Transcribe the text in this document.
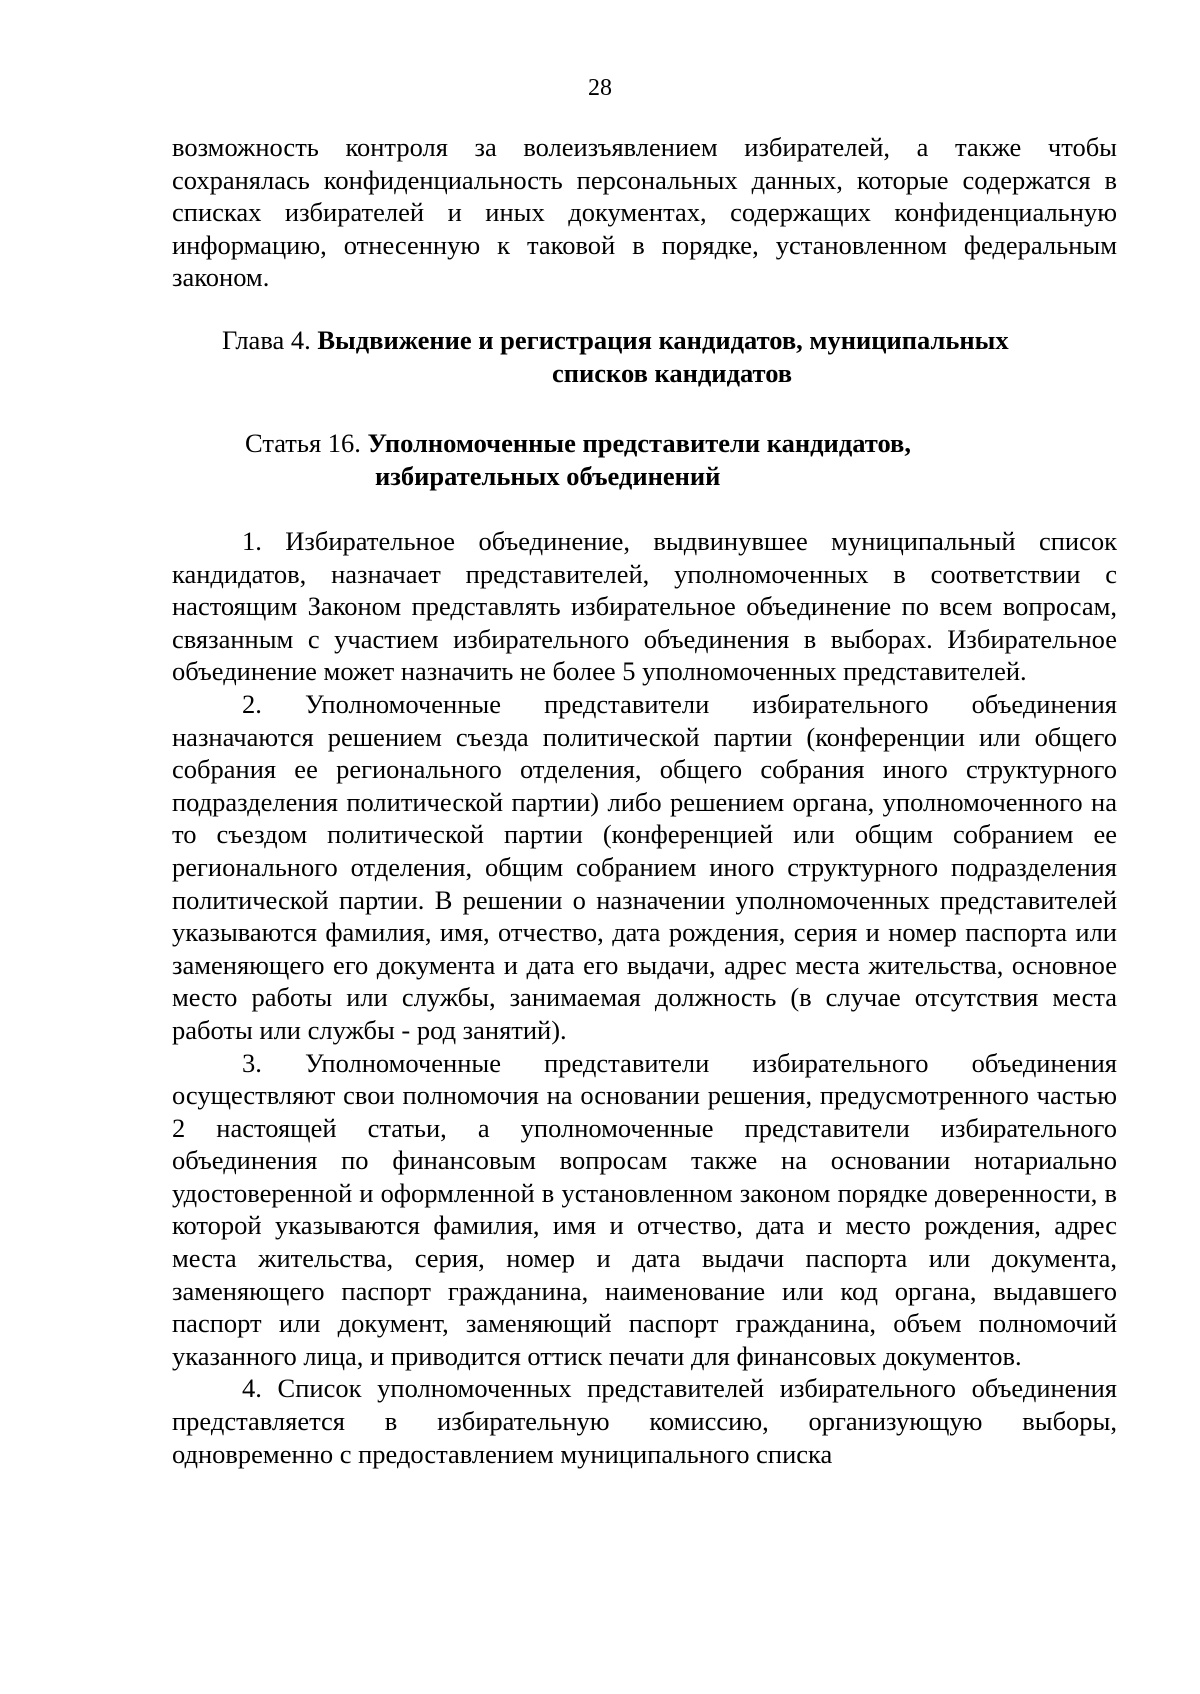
28

возможность контроля за волеизъявлением избирателей, а также чтобы сохранялась конфиденциальность персональных данных, которые содержатся в списках избирателей и иных документах, содержащих конфиденциальную информацию, отнесенную к таковой в порядке, установленном федеральным законом.

Глава 4. Выдвижение и регистрация кандидатов, муниципальных
списков кандидатов

Статья 16. Уполномоченные представители кандидатов,
избирательных объединений

1. Избирательное объединение, выдвинувшее муниципальный список кандидатов, назначает представителей, уполномоченных в соответствии с настоящим Законом представлять избирательное объединение по всем вопросам, связанным с участием избирательного объединения в выборах. Избирательное объединение может назначить не более 5 уполномоченных представителей.

2. Уполномоченные представители избирательного объединения назначаются решением съезда политической партии (конференции или общего собрания ее регионального отделения, общего собрания иного структурного подразделения политической партии) либо решением органа, уполномоченного на то съездом политической партии (конференцией или общим собранием ее регионального отделения, общим собранием иного структурного подразделения политической партии. В решении о назначении уполномоченных представителей указываются фамилия, имя, отчество, дата рождения, серия и номер паспорта или заменяющего его документа и дата его выдачи, адрес места жительства, основное место работы или службы, занимаемая должность (в случае отсутствия места работы или службы - род занятий).

3. Уполномоченные представители избирательного объединения осуществляют свои полномочия на основании решения, предусмотренного частью 2 настоящей статьи, а уполномоченные представители избирательного объединения по финансовым вопросам также на основании нотариально удостоверенной и оформленной в установленном законом порядке доверенности, в которой указываются фамилия, имя и отчество, дата и место рождения, адрес места жительства, серия, номер и дата выдачи паспорта или документа, заменяющего паспорт гражданина, наименование или код органа, выдавшего паспорт или документ, заменяющий паспорт гражданина, объем полномочий указанного лица, и приводится оттиск печати для финансовых документов.

4. Список уполномоченных представителей избирательного объединения представляется в избирательную комиссию, организующую выборы, одновременно с предоставлением муниципального списка
